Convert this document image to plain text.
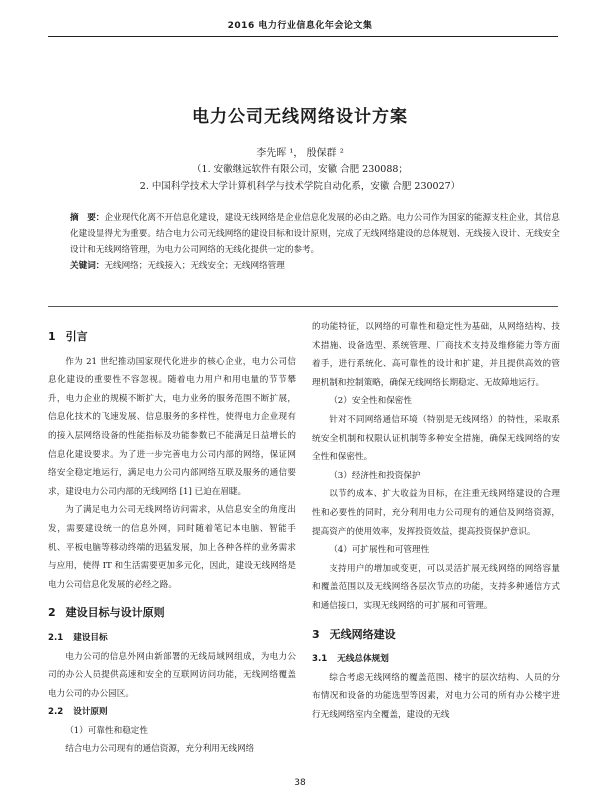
2016 电力行业信息化年会论文集
电力公司无线网络设计方案
李先晖 ¹， 殷保群 ²
（1. 安徽继远软件有限公司，安徽 合肥 230088；
2. 中国科学技术大学计算机科学与技术学院自动化系，安徽 合肥 230027）
摘　要：企业现代化离不开信息化建设，建设无线网络是企业信息化发展的必由之路。电力公司作为国家的能源支柱企业，其信息化建设显得尤为重要。结合电力公司无线网络的建设目标和设计原则，完成了无线网络建设的总体规划、无线接入设计、无线安全设计和无线网络管理，为电力公司网络的无线化提供一定的参考。
关键词：无线网络；无线接入；无线安全；无线网络管理
1 引言

作为 21 世纪推动国家现代化进步的核心企业，电力公司信息化建设的重要性不容忽视。随着电力用户和用电量的节节攀升，电力企业的规模不断扩大，电力业务的服务范围不断扩展，信息化技术的飞速发展、信息服务的多样性，使得电力企业现有的接入层网络设备的性能指标及功能参数已不能满足日益增长的信息化建设要求。为了进一步完善电力公司内部的网络，保证网络安全稳定地运行，满足电力公司内部网络互联及服务的通信要求，建设电力公司内部的无线网络 [1] 已迫在眉睫。

为了满足电力公司无线网络访问需求，从信息安全的角度出发，需要建设统一的信息外网，同时随着笔记本电脑、智能手机、平板电脑等移动终端的迅猛发展，加上各种各样的业务需求与应用，使得 IT 和生活需要更加多元化，因此，建设无线网络是电力公司信息化发展的必经之路。

2 建设目标与设计原则

2.1 建设目标

电力公司的信息外网由新部署的无线局域网组成，为电力公司的办公人员提供高速和安全的互联网访问功能，无线网络覆盖电力公司的办公园区。

2.2 设计原则

（1）可靠性和稳定性

结合电力公司现有的通信资源，充分利用无线网络

的功能特征，以网络的可靠性和稳定性为基础，从网络结构、技术措施、设备选型、系统管理、厂商技术支持及维修能力等方面着手，进行系统化、高可靠性的设计和扩建，并且提供高效的管理机制和控制策略，确保无线网络长期稳定、无故障地运行。

（2）安全性和保密性

针对不同网络通信环境（特别是无线网络）的特性，采取系统安全机制和权限认证机制等多种安全措施，确保无线网络的安全性和保密性。

（3）经济性和投资保护

以节约成本、扩大收益为目标，在注重无线网络建设的合理性和必要性的同时，充分利用电力公司现有的通信及网络资源，提高资产的使用效率，发挥投资效益，提高投资保护意识。

（4）可扩展性和可管理性

支持用户的增加或变更，可以灵活扩展无线网络的网络容量和覆盖范围以及无线网络各层次节点的功能，支持多种通信方式和通信接口，实现无线网络的可扩展和可管理。

3 无线网络建设

3.1 无线总体规划

综合考虑无线网络的覆盖范围、楼宇的层次结构、人员的分布情况和设备的功能选型等因素，对电力公司的所有办公楼宇进行无线网络室内全覆盖，建设的无线

38
